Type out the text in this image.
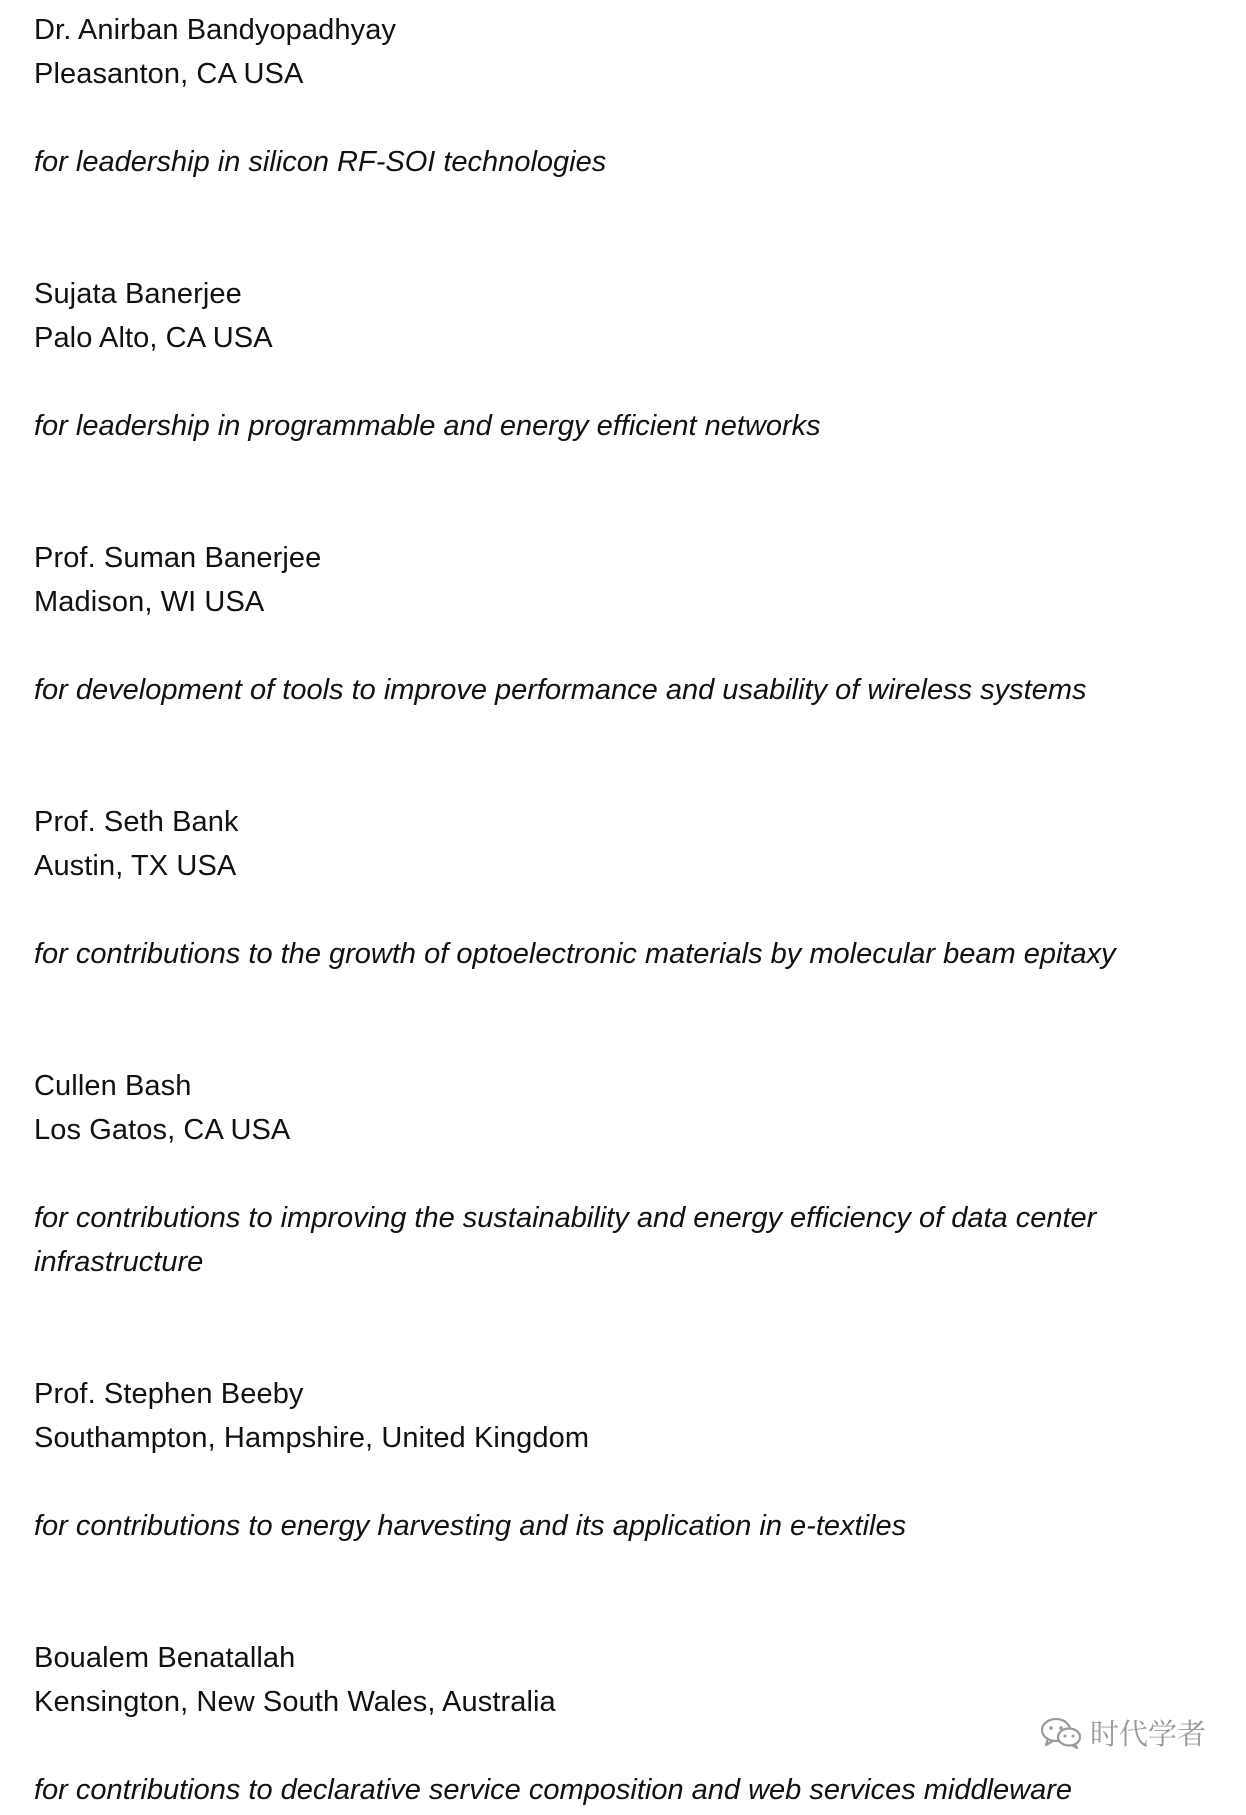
Dr. Anirban Bandyopadhyay
Pleasanton, CA USA
for leadership in silicon RF-SOI technologies
Sujata Banerjee
Palo Alto, CA USA
for leadership in programmable and energy efficient networks
Prof. Suman Banerjee
Madison, WI USA
for development of tools to improve performance and usability of wireless systems
Prof. Seth Bank
Austin, TX USA
for contributions to the growth of optoelectronic materials by molecular beam epitaxy
Cullen Bash
Los Gatos, CA USA
for contributions to improving the sustainability and energy efficiency of data center infrastructure
Prof. Stephen Beeby
Southampton, Hampshire, United Kingdom
for contributions to energy harvesting and its application in e-textiles
Boualem Benatallah
Kensington, New South Wales, Australia
for contributions to declarative service composition and web services middleware
时代学者
